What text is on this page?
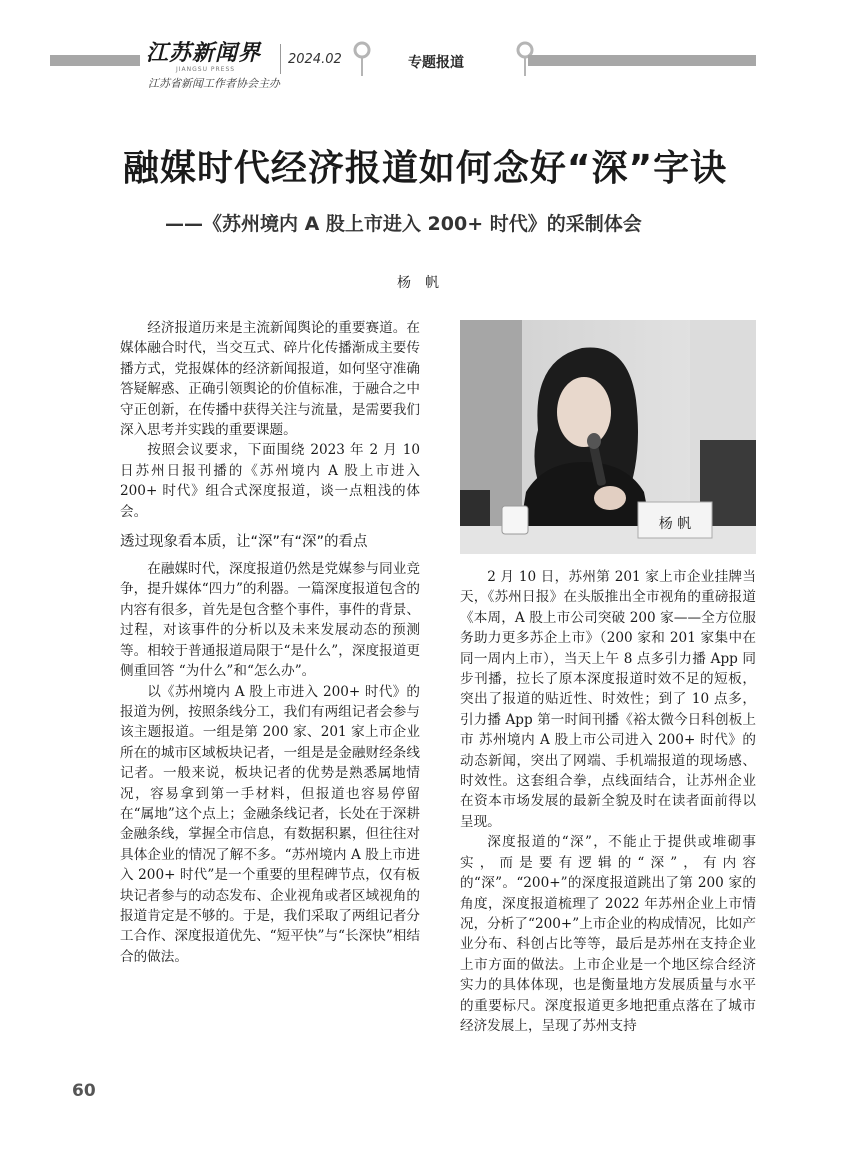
江苏新闻界
JIANGSU PRESS
江苏省新闻工作者协会主办
2024.02	专题报道
融媒时代经济报道如何念好“深”字诀
——《苏州境内 A 股上市进入 200+ 时代》的采制体会
杨帆

经济报道历来是主流新闻舆论的重要赛道。在媒体融合时代，当交互式、碎片化传播渐成主要传播方式，党报媒体的经济新闻报道，如何坚守准确答疑解惑、正确引领舆论的价值标准，于融合之中守正创新，在传播中获得关注与流量，是需要我们深入思考并实践的重要课题。

按照会议要求，下面围绕 2023 年 2 月 10 日苏州日报刊播的《苏州境内 A 股上市进入 200+ 时代》组合式深度报道，谈一点粗浅的体会。

透过现象看本质，让“深”有“深”的看点

在融媒时代，深度报道仍然是党媒参与同业竞争，提升媒体“四力”的利器。一篇深度报道包含的内容有很多，首先是包含整个事件，事件的背景、过程，对该事件的分析以及未来发展动态的预测等。相较于普通报道局限于“是什么”，深度报道更侧重回答 “为什么”和“怎么办”。

以《苏州境内 A 股上市进入 200+ 时代》的报道为例，按照条线分工，我们有两组记者会参与该主题报道。一组是第 200 家、201 家上市企业所在的城市区域板块记者，一组是是金融财经条线记者。一般来说，板块记者的优势是熟悉属地情况，容易拿到第一手材料，但报道也容易停留在“属地”这个点上；金融条线记者，长处在于深耕金融条线，掌握全市信息，有数据积累，但往往对具体企业的情况了解不多。“苏州境内 A 股上市进入 200+ 时代”是一个重要的里程碑节点，仅有板块记者参与的动态发布、企业视角或者区域视角的报道肯定是不够的。于是，我们采取了两组记者分工合作、深度报道优先、“短平快”与“长深快”相结合的做法。

杨 帆

2 月 10 日，苏州第 201 家上市企业挂牌当天，《苏州日报》在头版推出全市视角的重磅报道《本周，A 股上市公司突破 200 家——全方位服务助力更多苏企上市》（200 家和 201 家集中在同一周内上市），当天上午 8 点多引力播 App 同步刊播，拉长了原本深度报道时效不足的短板，突出了报道的贴近性、时效性；到了 10 点多，引力播 App 第一时间刊播《裕太微今日科创板上市 苏州境内 A 股上市公司进入 200+ 时代》的动态新闻，突出了网端、手机端报道的现场感、时效性。这套组合拳，点线面结合，让苏州企业在资本市场发展的最新全貌及时在读者面前得以呈现。

深度报道的“深”，不能止于提供或堆砌事实，而是要有逻辑的“深”，有内容的“深”。“200+”的深度报道跳出了第 200 家的角度，深度报道梳理了 2022 年苏州企业上市情况，分析了“200+”上市企业的构成情况，比如产业分布、科创占比等等，最后是苏州在支持企业上市方面的做法。上市企业是一个地区综合经济实力的具体体现，也是衡量地方发展质量与水平的重要标尺。深度报道更多地把重点落在了城市经济发展上，呈现了苏州支持

60
